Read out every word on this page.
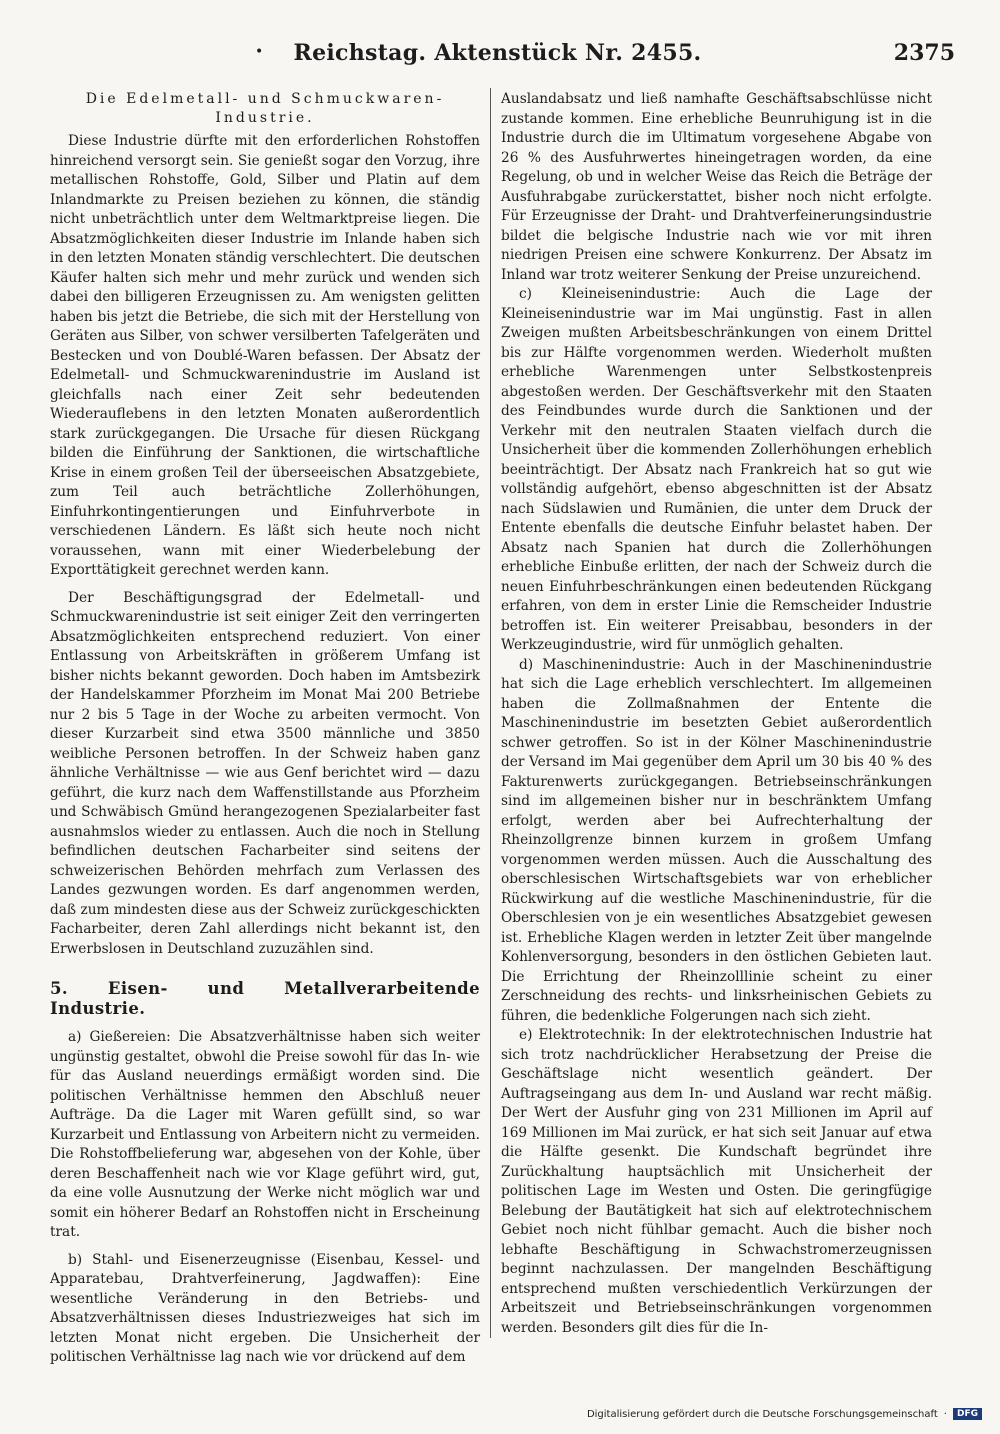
•	Reichstag. Aktenstück Nr. 2455.	2375
Die Edelmetall- und Schmuckwaren-Industrie.

Diese Industrie dürfte mit den erforderlichen Rohstoffen hinreichend versorgt sein. Sie genießt sogar den Vorzug, ihre metallischen Rohstoffe, Gold, Silber und Platin auf dem Inlandmarkte zu Preisen beziehen zu können, die ständig nicht unbeträchtlich unter dem Weltmarktpreise liegen. Die Absatzmöglichkeiten dieser Industrie im Inlande haben sich in den letzten Monaten ständig verschlechtert. Die deutschen Käufer halten sich mehr und mehr zurück und wenden sich dabei den billigeren Erzeugnissen zu. Am wenigsten gelitten haben bis jetzt die Betriebe, die sich mit der Herstellung von Geräten aus Silber, von schwer versilberten Tafelgeräten und Bestecken und von Doublé-Waren befassen. Der Absatz der Edelmetall- und Schmuckwarenindustrie im Ausland ist gleichfalls nach einer Zeit sehr bedeutenden Wiederauflebens in den letzten Monaten außerordentlich stark zurückgegangen. Die Ursache für diesen Rückgang bilden die Einführung der Sanktionen, die wirtschaftliche Krise in einem großen Teil der überseeischen Absatzgebiete, zum Teil auch beträchtliche Zollerhöhungen, Einfuhrkontingentierungen und Einfuhrverbote in verschiedenen Ländern. Es läßt sich heute noch nicht voraussehen, wann mit einer Wiederbelebung der Exporttätigkeit gerechnet werden kann.

Der Beschäftigungsgrad der Edelmetall- und Schmuckwarenindustrie ist seit einiger Zeit den verringerten Absatzmöglichkeiten entsprechend reduziert. Von einer Entlassung von Arbeitskräften in größerem Umfang ist bisher nichts bekannt geworden. Doch haben im Amtsbezirk der Handelskammer Pforzheim im Monat Mai 200 Betriebe nur 2 bis 5 Tage in der Woche zu arbeiten vermocht. Von dieser Kurzarbeit sind etwa 3500 männliche und 3850 weibliche Personen betroffen. In der Schweiz haben ganz ähnliche Verhältnisse — wie aus Genf berichtet wird — dazu geführt, die kurz nach dem Waffenstillstande aus Pforzheim und Schwäbisch Gmünd herangezogenen Spezialarbeiter fast ausnahmslos wieder zu entlassen. Auch die noch in Stellung befindlichen deutschen Facharbeiter sind seitens der schweizerischen Behörden mehrfach zum Verlassen des Landes gezwungen worden. Es darf angenommen werden, daß zum mindesten diese aus der Schweiz zurückgeschickten Facharbeiter, deren Zahl allerdings nicht bekannt ist, den Erwerbslosen in Deutschland zuzuzählen sind.

5. Eisen- und Metallverarbeitende Industrie.

a) Gießereien: Die Absatzverhältnisse haben sich weiter ungünstig gestaltet, obwohl die Preise sowohl für das In- wie für das Ausland neuerdings ermäßigt worden sind. Die politischen Verhältnisse hemmen den Abschluß neuer Aufträge. Da die Lager mit Waren gefüllt sind, so war Kurzarbeit und Entlassung von Arbeitern nicht zu vermeiden. Die Rohstoffbelieferung war, abgesehen von der Kohle, über deren Beschaffenheit nach wie vor Klage geführt wird, gut, da eine volle Ausnutzung der Werke nicht möglich war und somit ein höherer Bedarf an Rohstoffen nicht in Erscheinung trat.

b) Stahl- und Eisenerzeugnisse (Eisenbau, Kessel- und Apparatebau, Drahtverfeinerung, Jagdwaffen): Eine wesentliche Veränderung in den Betriebs- und Absatzverhältnissen dieses Industriezweiges hat sich im letzten Monat nicht ergeben. Die Unsicherheit der politischen Verhältnisse lag nach wie vor drückend auf dem

Auslandabsatz und ließ namhafte Geschäftsabschlüsse nicht zustande kommen. Eine erhebliche Beunruhigung ist in die Industrie durch die im Ultimatum vorgesehene Abgabe von 26 % des Ausfuhrwertes hineingetragen worden, da eine Regelung, ob und in welcher Weise das Reich die Beträge der Ausfuhrabgabe zurückerstattet, bisher noch nicht erfolgte. Für Erzeugnisse der Draht- und Drahtverfeinerungsindustrie bildet die belgische Industrie nach wie vor mit ihren niedrigen Preisen eine schwere Konkurrenz. Der Absatz im Inland war trotz weiterer Senkung der Preise unzureichend.

c) Kleineisenindustrie: Auch die Lage der Kleineisenindustrie war im Mai ungünstig. Fast in allen Zweigen mußten Arbeitsbeschränkungen von einem Drittel bis zur Hälfte vorgenommen werden. Wiederholt mußten erhebliche Warenmengen unter Selbstkostenpreis abgestoßen werden. Der Geschäftsverkehr mit den Staaten des Feindbundes wurde durch die Sanktionen und der Verkehr mit den neutralen Staaten vielfach durch die Unsicherheit über die kommenden Zollerhöhungen erheblich beeinträchtigt. Der Absatz nach Frankreich hat so gut wie vollständig aufgehört, ebenso abgeschnitten ist der Absatz nach Südslawien und Rumänien, die unter dem Druck der Entente ebenfalls die deutsche Einfuhr belastet haben. Der Absatz nach Spanien hat durch die Zollerhöhungen erhebliche Einbuße erlitten, der nach der Schweiz durch die neuen Einfuhrbeschränkungen einen bedeutenden Rückgang erfahren, von dem in erster Linie die Remscheider Industrie betroffen ist. Ein weiterer Preisabbau, besonders in der Werkzeugindustrie, wird für unmöglich gehalten.

d) Maschinenindustrie: Auch in der Maschinenindustrie hat sich die Lage erheblich verschlechtert. Im allgemeinen haben die Zollmaßnahmen der Entente die Maschinenindustrie im besetzten Gebiet außerordentlich schwer getroffen. So ist in der Kölner Maschinenindustrie der Versand im Mai gegenüber dem April um 30 bis 40 % des Fakturenwerts zurückgegangen. Betriebseinschränkungen sind im allgemeinen bisher nur in beschränktem Umfang erfolgt, werden aber bei Aufrechterhaltung der Rheinzollgrenze binnen kurzem in großem Umfang vorgenommen werden müssen. Auch die Ausschaltung des oberschlesischen Wirtschaftsgebiets war von erheblicher Rückwirkung auf die westliche Maschinenindustrie, für die Oberschlesien von je ein wesentliches Absatzgebiet gewesen ist. Erhebliche Klagen werden in letzter Zeit über mangelnde Kohlenversorgung, besonders in den östlichen Gebieten laut. Die Errichtung der Rheinzolllinie scheint zu einer Zerschneidung des rechts- und linksrheinischen Gebiets zu führen, die bedenkliche Folgerungen nach sich zieht.

e) Elektrotechnik: In der elektrotechnischen Industrie hat sich trotz nachdrücklicher Herabsetzung der Preise die Geschäftslage nicht wesentlich geändert. Der Auftragseingang aus dem In- und Ausland war recht mäßig. Der Wert der Ausfuhr ging von 231 Millionen im April auf 169 Millionen im Mai zurück, er hat sich seit Januar auf etwa die Hälfte gesenkt. Die Kundschaft begründet ihre Zurückhaltung hauptsächlich mit Unsicherheit der politischen Lage im Westen und Osten. Die geringfügige Belebung der Bautätigkeit hat sich auf elektrotechnischem Gebiet noch nicht fühlbar gemacht. Auch die bisher noch lebhafte Beschäftigung in Schwachstromerzeugnissen beginnt nachzulassen. Der mangelnden Beschäftigung entsprechend mußten verschiedentlich Verkürzungen der Arbeitszeit und Betriebseinschränkungen vorgenommen werden. Besonders gilt dies für die In-

Digitalisierung gefördert durch die Deutsche Forschungsgemeinschaft ·	DFG
